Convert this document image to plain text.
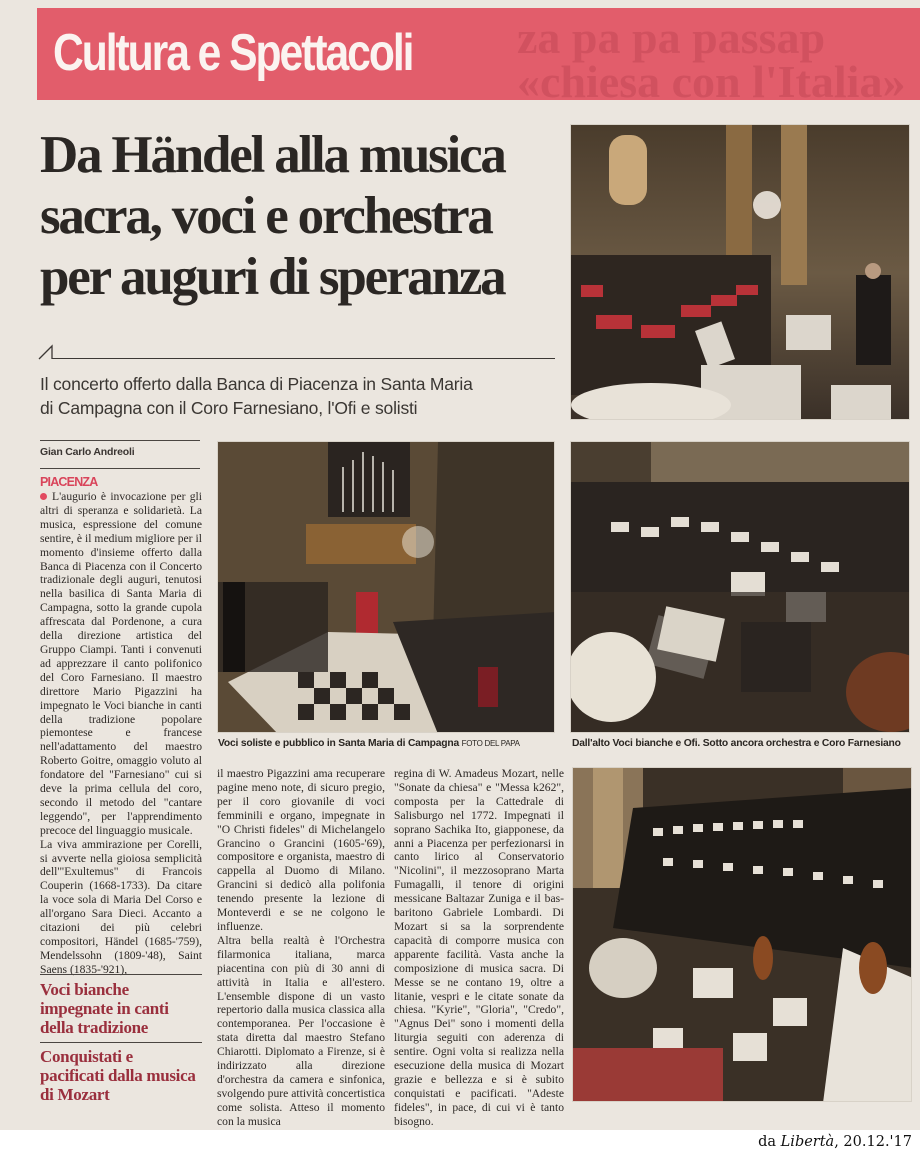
za pa pa passap
«chiesa con l'Italia»
Cultura e Spettacoli
Da Händel alla musica
sacra, voci e orchestra
per auguri di speranza
Il concerto offerto dalla Banca di Piacenza in Santa Maria
di Campagna con il Coro Farnesiano, l'Ofi e solisti
Gian Carlo Andreoli
PIACENZA

L'augurio è invocazione per gli altri di speranza e solidarietà. La musica, espressione del comune sentire, è il medium migliore per il momento d'insieme offerto dalla Banca di Piacenza con il Concerto tradizionale degli auguri, tenutosi nella basilica di Santa Maria di Campagna, sotto la grande cupola affrescata dal Pordenone, a cura della direzione artistica del Gruppo Ciampi. Tanti i convenuti ad apprezzare il canto polifonico del Coro Farnesiano. Il maestro direttore Mario Pigazzini ha impegnato le Voci bianche in canti della tradizione popolare piemontese e francese nell'adattamento del maestro Roberto Goitre, omaggio voluto al fondatore del "Farnesiano" cui si deve la prima cellula del coro, secondo il metodo del "cantare leggendo", per l'apprendimento precoce del linguaggio musicale.

La viva ammirazione per Corelli, si avverte nella gioiosa semplicità dell'"Exultemus" di Francois Couperin (1668-1733). Da citare la voce sola di Maria Del Corso e all'organo Sara Dieci. Accanto a citazioni dei più celebri compositori, Händel (1685-'759), Mendelssohn (1809-'48), Saint Saens (1835-'921),

Voci bianche impegnate in canti della tradizione
Conquistati e pacificati dalla musica di Mozart

il maestro Pigazzini ama recuperare pagine meno note, di sicuro pregio, per il coro giovanile di voci femminili e organo, impegnate in "O Christi fideles" di Michelangelo Grancino o Grancini (1605-'69), compositore e organista, maestro di cappella al Duomo di Milano. Grancini si dedicò alla polifonia tenendo presente la lezione di Monteverdi e se ne colgono le influenze.

Altra bella realtà è l'Orchestra filarmonica italiana, marca piacentina con più di 30 anni di attività in Italia e all'estero. L'ensemble dispone di un vasto repertorio dalla musica classica alla contemporanea. Per l'occasione è stata diretta dal maestro Stefano Chiarotti. Diplomato a Firenze, si è indirizzato alla direzione d'orchestra da camera e sinfonica, svolgendo pure attività concertistica come solista. Atteso il momento con la musica

regina di W. Amadeus Mozart, nelle "Sonate da chiesa" e "Messa k262", composta per la Cattedrale di Salisburgo nel 1772. Impegnati il soprano Sachika Ito, giapponese, da anni a Piacenza per perfezionarsi in canto lirico al Conservatorio "Nicolini", il mezzosoprano Marta Fumagalli, il tenore di origini messicane Baltazar Zuniga e il bas-baritono Gabriele Lombardi. Di Mozart si sa la sorprendente capacità di comporre musica con apparente facilità. Vasta anche la composizione di musica sacra. Di Messe se ne contano 19, oltre a litanie, vespri e le citate sonate da chiesa. "Kyrie", "Gloria", "Credo", "Agnus Dei" sono i momenti della liturgia seguiti con aderenza di sentire. Ogni volta si realizza nella esecuzione della musica di Mozart grazie e bellezza e si è subito conquistati e pacificati. "Adeste fideles", in pace, di cui vi è tanto bisogno.

Voci soliste e pubblico in Santa Maria di Campagna FOTO DEL PAPA	Dall'alto Voci bianche e Ofi. Sotto ancora orchestra e Coro Farnesiano
da Libertà, 20.12.'17
